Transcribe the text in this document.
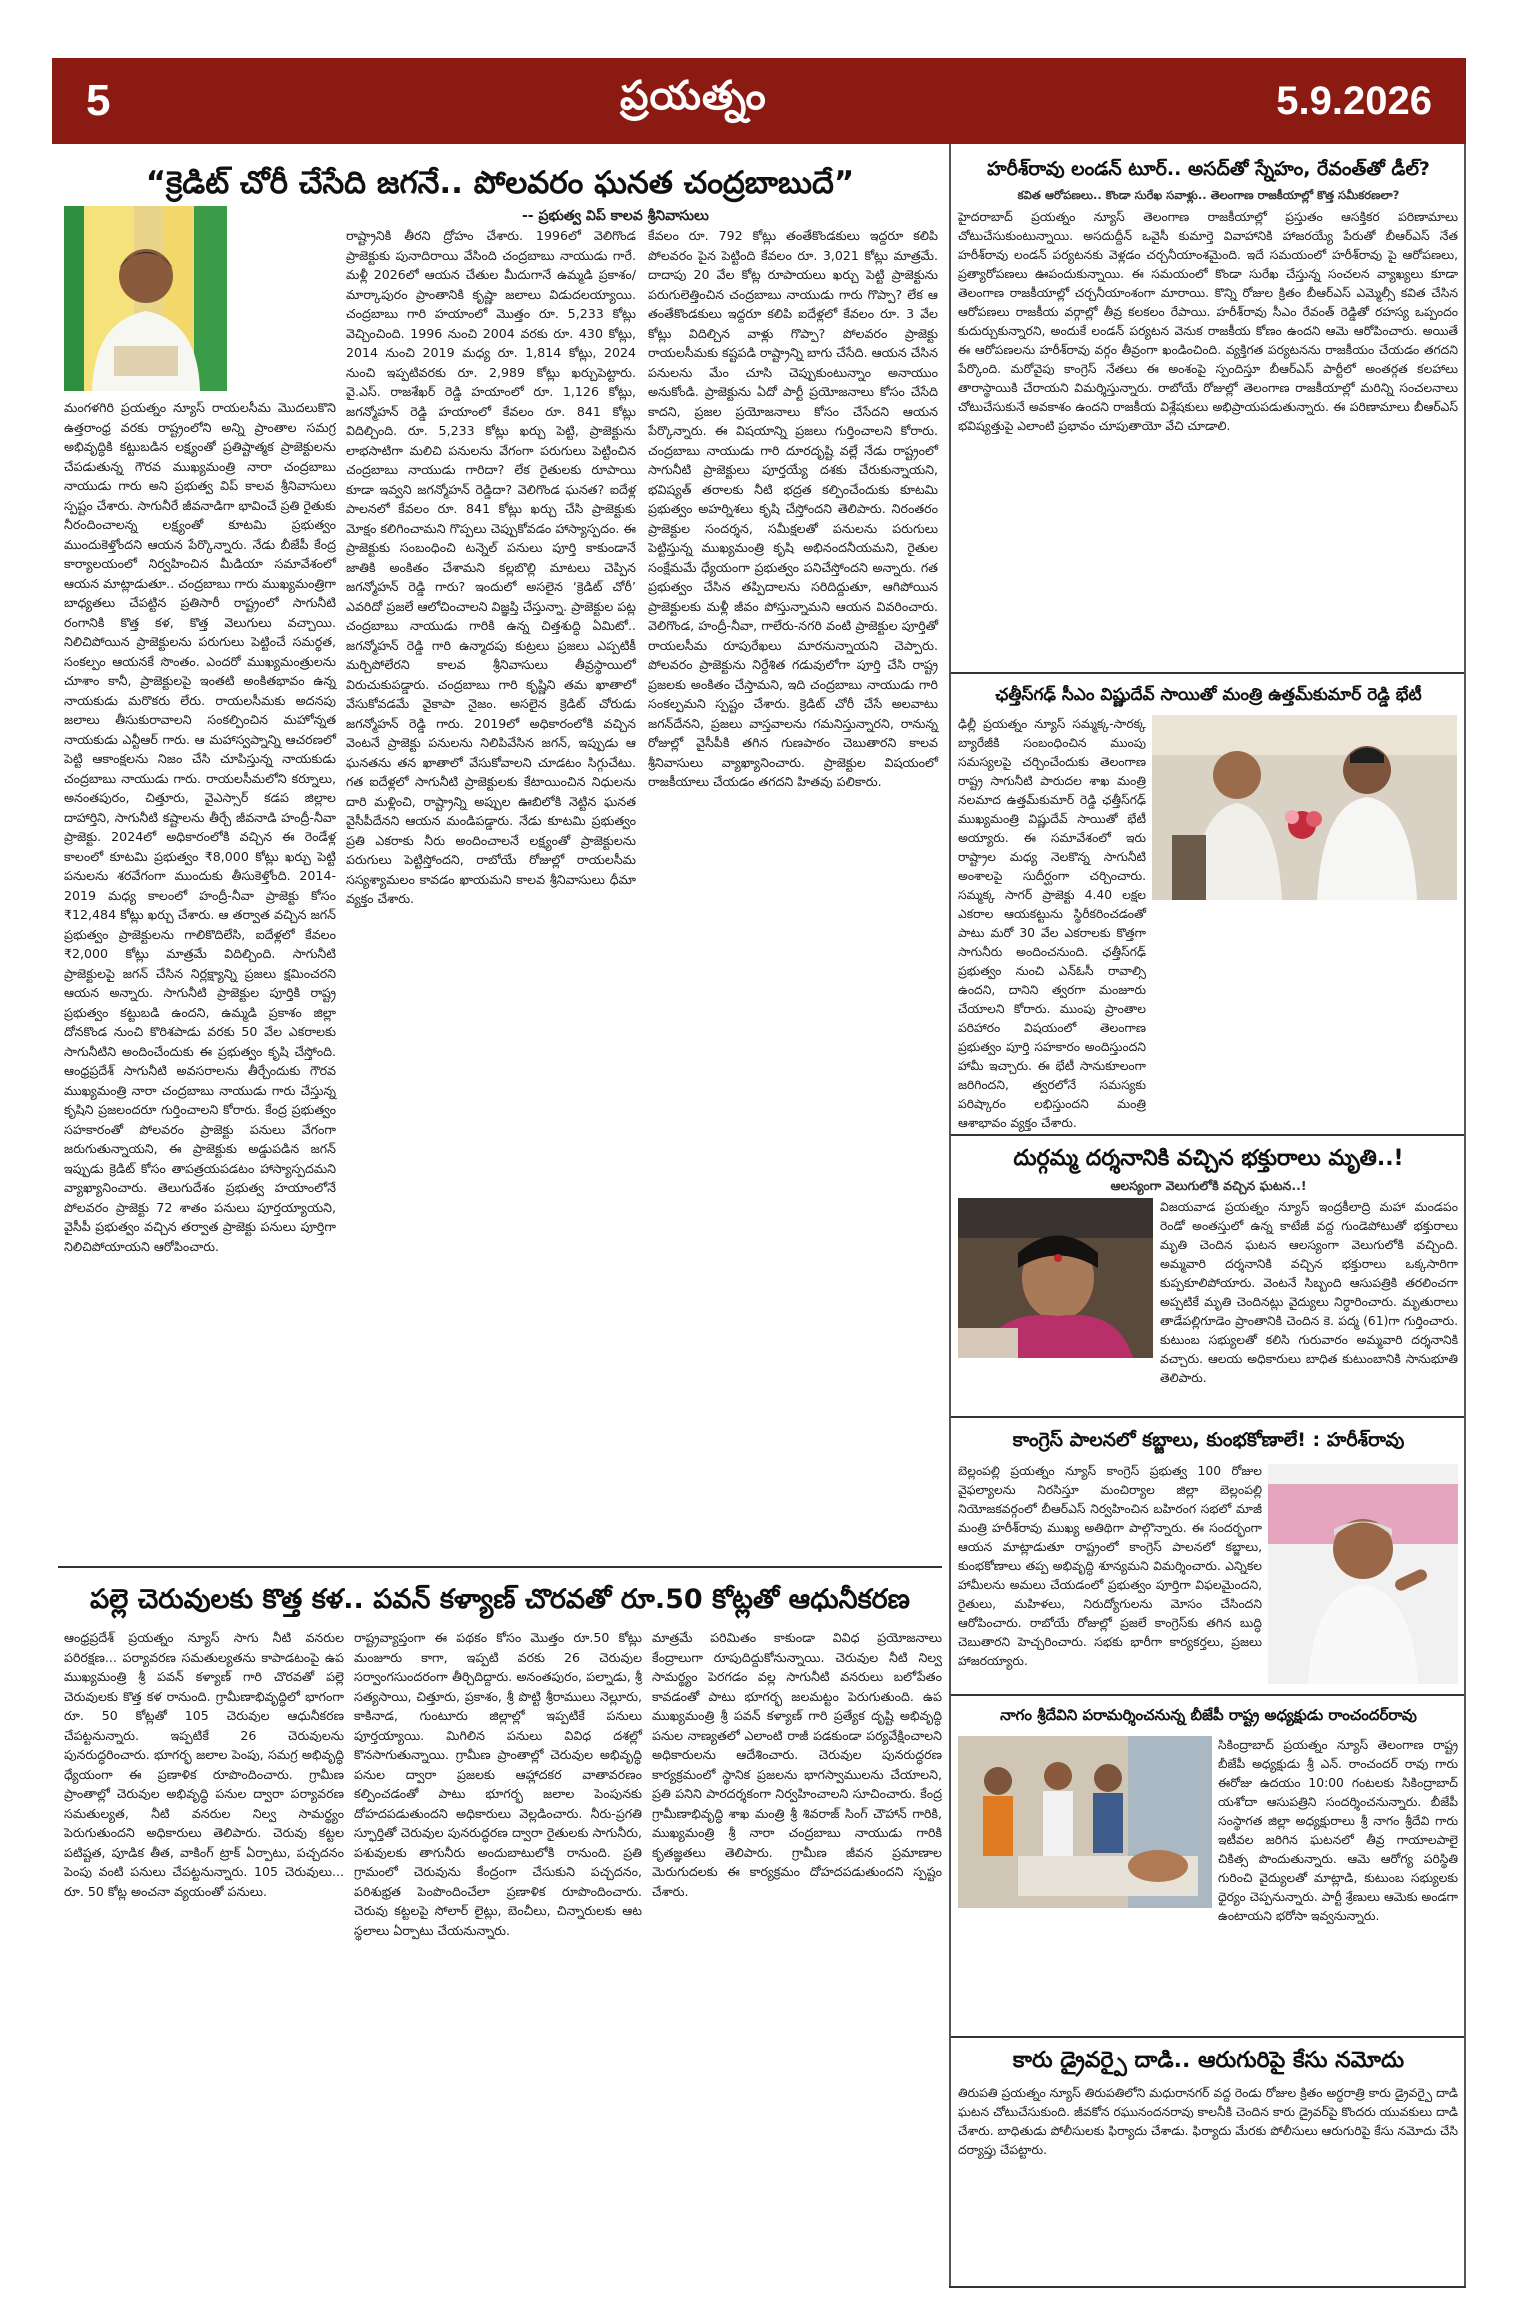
5	ప్రయత్నం	5.9.2026
“క్రెడిట్ చోరీ చేసేది జగనే.. పోలవరం ఘనత చంద్రబాబుదే”
-- ప్రభుత్వ విప్ కాలవ శ్రీనివాసులు
మంగళగిరి ప్రయత్నం న్యూస్ రాయలసీమ మొదలుకొని ఉత్తరాంధ్ర వరకు రాష్ట్రంలోని అన్ని ప్రాంతాల సమగ్ర అభివృద్ధికి కట్టుబడిన లక్ష్యంతో ప్రతిష్టాత్మక ప్రాజెక్టులను చేపడుతున్న గౌరవ ముఖ్యమంత్రి నారా చంద్రబాబు నాయుడు గారు అని ప్రభుత్వ విప్ కాలవ శ్రీనివాసులు స్పష్టం చేశారు. సాగునీరే జీవనాడిగా భావించే ప్రతి రైతుకు నీరందించాలన్న లక్ష్యంతో కూటమి ప్రభుత్వం ముందుకెళ్తోందని ఆయన పేర్కొన్నారు. నేడు బీజేపీ కేంద్ర కార్యాలయంలో నిర్వహించిన మీడియా సమావేశంలో ఆయన మాట్లాడుతూ.. చంద్రబాబు గారు ముఖ్యమంత్రిగా బాధ్యతలు చేపట్టిన ప్రతిసారీ రాష్ట్రంలో సాగునీటి రంగానికి కొత్త కళ, కొత్త వెలుగులు వచ్చాయి. నిలిచిపోయిన ప్రాజెక్టులను పరుగులు పెట్టించే సమర్థత, సంకల్పం ఆయనకే సొంతం. ఎందరో ముఖ్యమంత్రులను చూశాం కానీ, ప్రాజెక్టులపై ఇంతటి అంకితభావం ఉన్న నాయకుడు మరొకరు లేరు. రాయలసీమకు అదనపు జలాలు తీసుకురావాలని సంకల్పించిన మహోన్నత నాయకుడు ఎన్టీఆర్ గారు. ఆ మహాస్వప్నాన్ని ఆచరణలో పెట్టి ఆకాంక్షలను నిజం చేసి చూపిస్తున్న నాయకుడు చంద్రబాబు నాయుడు గారు. రాయలసీమలోని కర్నూలు, అనంతపురం, చిత్తూరు, వైఎస్సార్ కడప జిల్లాల దాహార్తిని, సాగునీటి కష్టాలను తీర్చే జీవనాడి హంద్రీ-నీవా ప్రాజెక్టు. 2024లో అధికారంలోకి వచ్చిన ఈ రెండేళ్ల కాలంలో కూటమి ప్రభుత్వం ₹8,000 కోట్లు ఖర్చు పెట్టి పనులను శరవేగంగా ముందుకు తీసుకెళ్తోంది. 2014-2019 మధ్య కాలంలో హంద్రీ-నీవా ప్రాజెక్టు కోసం ₹12,484 కోట్లు ఖర్చు చేశారు. ఆ తర్వాత వచ్చిన జగన్ ప్రభుత్వం ప్రాజెక్టులను గాలికొదిలేసి, ఐదేళ్లలో కేవలం ₹2,000 కోట్లు మాత్రమే విదిల్చింది. సాగునీటి ప్రాజెక్టులపై జగన్ చేసిన నిర్లక్ష్యాన్ని ప్రజలు క్షమించరని ఆయన అన్నారు. సాగునీటి ప్రాజెక్టుల పూర్తికి రాష్ట్ర ప్రభుత్వం కట్టుబడి ఉందని, ఉమ్మడి ప్రకాశం జిల్లా దోనకొండ నుంచి కొరిశపాడు వరకు 50 వేల ఎకరాలకు సాగునీటిని అందించేందుకు ఈ ప్రభుత్వం కృషి చేస్తోంది. ఆంధ్రప్రదేశ్ సాగునీటి అవసరాలను తీర్చేందుకు గౌరవ ముఖ్యమంత్రి నారా చంద్రబాబు నాయుడు గారు చేస్తున్న కృషిని ప్రజలందరూ గుర్తించాలని కోరారు. కేంద్ర ప్రభుత్వం సహకారంతో పోలవరం ప్రాజెక్టు పనులు వేగంగా జరుగుతున్నాయని, ఈ ప్రాజెక్టుకు అడ్డుపడిన జగన్ ఇప్పుడు క్రెడిట్ కోసం తాపత్రయపడటం హాస్యాస్పదమని వ్యాఖ్యానించారు. తెలుగుదేశం ప్రభుత్వ హయాంలోనే పోలవరం ప్రాజెక్టు 72 శాతం పనులు పూర్తయ్యాయని, వైసీపీ ప్రభుత్వం వచ్చిన తర్వాత ప్రాజెక్టు పనులు పూర్తిగా నిలిచిపోయాయని ఆరోపించారు.
రాష్ట్రానికి తీరని ద్రోహం చేశారు. 1996లో వెలిగొండ ప్రాజెక్టుకు పునాదిరాయి వేసింది చంద్రబాబు నాయుడు గారే. మళ్లీ 2026లో ఆయన చేతుల మీదుగానే ఉమ్మడి ప్రకాశం/మార్కాపురం ప్రాంతానికి కృష్ణా జలాలు విడుదలయ్యాయి. చంద్రబాబు గారి హయాంలో మొత్తం రూ. 5,233 కోట్లు వెచ్చించింది. 1996 నుంచి 2004 వరకు రూ. 430 కోట్లు, 2014 నుంచి 2019 మధ్య రూ. 1,814 కోట్లు, 2024 నుంచి ఇప్పటివరకు రూ. 2,989 కోట్లు ఖర్చుపెట్టారు. వై.ఎస్. రాజశేఖర్ రెడ్డి హయాంలో రూ. 1,126 కోట్లు, జగన్మోహన్ రెడ్డి హయాంలో కేవలం రూ. 841 కోట్లు విదిల్చింది. రూ. 5,233 కోట్లు ఖర్చు పెట్టి, ప్రాజెక్టును లాభసాటిగా మలిచి పనులను వేగంగా పరుగులు పెట్టించిన చంద్రబాబు నాయుడు గారిదా? లేక రైతులకు రూపాయి కూడా ఇవ్వని జగన్మోహన్ రెడ్డిదా? వెలిగొండ ఘనత? ఐదేళ్ల పాలనలో కేవలం రూ. 841 కోట్లు ఖర్చు చేసి ప్రాజెక్టుకు మోక్షం కలిగించామని గొప్పలు చెప్పుకోవడం హాస్యాస్పదం. ఈ ప్రాజెక్టుకు సంబంధించి టన్నెల్ పనులు పూర్తి కాకుండానే జాతికి అంకితం చేశామని కల్లబొల్లి మాటలు చెప్పిన జగన్మోహన్ రెడ్డి గారు? ఇందులో అసలైన ‘క్రెడిట్ చోరీ’ ఎవరిదో ప్రజలే ఆలోచించాలని విజ్ఞప్తి చేస్తున్నా. ప్రాజెక్టుల పట్ల చంద్రబాబు నాయుడు గారికి ఉన్న చిత్తశుద్ధి ఏమిటో.. జగన్మోహన్ రెడ్డి గారి ఉన్మాదపు కుట్రలు ప్రజలు ఎప్పటికీ మర్చిపోలేరని కాలవ శ్రీనివాసులు తీవ్రస్థాయిలో విరుచుకుపడ్డారు. చంద్రబాబు గారి కృష్ణిని తమ ఖాతాలో వేసుకోవడమే వైకాపా నైజం. అసలైన క్రెడిట్ చోరుడు జగన్మోహన్ రెడ్డి గారు. 2019లో అధికారంలోకి వచ్చిన వెంటనే ప్రాజెక్టు పనులను నిలిపివేసిన జగన్, ఇప్పుడు ఆ ఘనతను తన ఖాతాలో వేసుకోవాలని చూడటం సిగ్గుచేటు. గత ఐదేళ్లలో సాగునీటి ప్రాజెక్టులకు కేటాయించిన నిధులను దారి మళ్లించి, రాష్ట్రాన్ని అప్పుల ఊబిలోకి నెట్టిన ఘనత వైసీపీదేనని ఆయన మండిపడ్డారు. నేడు కూటమి ప్రభుత్వం ప్రతి ఎకరాకు నీరు అందించాలనే లక్ష్యంతో ప్రాజెక్టులను పరుగులు పెట్టిస్తోందని, రాబోయే రోజుల్లో రాయలసీమ సస్యశ్యామలం కావడం ఖాయమని కాలవ శ్రీనివాసులు ధీమా వ్యక్తం చేశారు.
కేవలం రూ. 792 కోట్లు తంతేకొండకులు ఇద్దరూ కలిపి పోలవరం పైన పెట్టింది కేవలం రూ. 3,021 కోట్లు మాత్రమే. దాదాపు 20 వేల కోట్ల రూపాయలు ఖర్చు పెట్టి ప్రాజెక్టును పరుగులెత్తించిన చంద్రబాబు నాయుడు గారు గొప్పా? లేక ఆ తంతేకొండకులు ఇద్దరూ కలిపి ఐదేళ్లలో కేవలం రూ. 3 వేల కోట్లు విదిల్చిన వాళ్లు గొప్పా? పోలవరం ప్రాజెక్టు రాయలసీమకు కష్టపడి రాష్ట్రాన్ని బాగు చేసేది. ఆయన చేసిన పనులను మేం చూసి చెప్పుకుంటున్నాం అనాయుం అనుకోండి. ప్రాజెక్టును ఏదో పార్టీ ప్రయోజనాలు కోసం చేసేది కాదని, ప్రజల ప్రయోజనాలు కోసం చేసేదని ఆయన పేర్కొన్నారు. ఈ విషయాన్ని ప్రజలు గుర్తించాలని కోరారు. చంద్రబాబు నాయుడు గారి దూరదృష్టి వల్లే నేడు రాష్ట్రంలో సాగునీటి ప్రాజెక్టులు పూర్తయ్యే దశకు చేరుకున్నాయని, భవిష్యత్ తరాలకు నీటి భద్రత కల్పించేందుకు కూటమి ప్రభుత్వం అహర్నిశలు కృషి చేస్తోందని తెలిపారు. నిరంతరం ప్రాజెక్టుల సందర్శన, సమీక్షలతో పనులను పరుగులు పెట్టిస్తున్న ముఖ్యమంత్రి కృషి అభినందనీయమని, రైతుల సంక్షేమమే ధ్యేయంగా ప్రభుత్వం పనిచేస్తోందని అన్నారు. గత ప్రభుత్వం చేసిన తప్పిదాలను సరిదిద్దుతూ, ఆగిపోయిన ప్రాజెక్టులకు మళ్లీ జీవం పోస్తున్నామని ఆయన వివరించారు. వెలిగొండ, హంద్రీ-నీవా, గాలేరు-నగరి వంటి ప్రాజెక్టుల పూర్తితో రాయలసీమ రూపురేఖలు మారనున్నాయని చెప్పారు. పోలవరం ప్రాజెక్టును నిర్దేశిత గడువులోగా పూర్తి చేసి రాష్ట్ర ప్రజలకు అంకితం చేస్తామని, ఇది చంద్రబాబు నాయుడు గారి సంకల్పమని స్పష్టం చేశారు. క్రెడిట్ చోరీ చేసే అలవాటు జగన్‌దేనని, ప్రజలు వాస్తవాలను గమనిస్తున్నారని, రానున్న రోజుల్లో వైసీపీకి తగిన గుణపాఠం చెబుతారని కాలవ శ్రీనివాసులు వ్యాఖ్యానించారు. ప్రాజెక్టుల విషయంలో రాజకీయాలు చేయడం తగదని హితవు పలికారు.
పల్లె చెరువులకు కొత్త కళ.. పవన్ కళ్యాణ్ చొరవతో రూ.50 కోట్లతో ఆధునీకరణ
ఆంధ్రప్రదేశ్ ప్రయత్నం న్యూస్ సాగు నీటి వనరుల పరిరక్షణ... పర్యావరణ సమతుల్యతను కాపాడటంపై ఉప ముఖ్యమంత్రి శ్రీ పవన్ కళ్యాణ్ గారి చొరవతో పల్లె చెరువులకు కొత్త కళ రానుంది. గ్రామీణాభివృద్ధిలో భాగంగా రూ. 50 కోట్లతో 105 చెరువుల ఆధునీకరణ చేపట్టనున్నారు. ఇప్పటికే 26 చెరువులను పునరుద్ధరించారు. భూగర్భ జలాల పెంపు, సమగ్ర అభివృద్ధి ధ్యేయంగా ఈ ప్రణాళిక రూపొందించారు. గ్రామీణ ప్రాంతాల్లో చెరువుల అభివృద్ధి పనుల ద్వారా పర్యావరణ సమతుల్యత, నీటి వనరుల నిల్వ సామర్థ్యం పెరుగుతుందని అధికారులు తెలిపారు. చెరువు కట్టల పటిష్టత, పూడిక తీత, వాకింగ్ ట్రాక్ ఏర్పాటు, పచ్చదనం పెంపు వంటి పనులు చేపట్టనున్నారు. 105 చెరువులు... రూ. 50 కోట్ల అంచనా వ్యయంతో పనులు.
రాష్ట్రవ్యాప్తంగా ఈ పథకం కోసం మొత్తం రూ.50 కోట్లు మంజూరు కాగా, ఇప్పటి వరకు 26 చెరువుల సర్వాంగసుందరంగా తీర్చిదిద్దారు. అనంతపురం, పల్నాడు, శ్రీ సత్యసాయి, చిత్తూరు, ప్రకాశం, శ్రీ పొట్టి శ్రీరాములు నెల్లూరు, కాకినాడ, గుంటూరు జిల్లాల్లో ఇప్పటికే పనులు పూర్తయ్యాయి. మిగిలిన పనులు వివిధ దశల్లో కొనసాగుతున్నాయి. గ్రామీణ ప్రాంతాల్లో చెరువుల అభివృద్ధి పనుల ద్వారా ప్రజలకు ఆహ్లాదకర వాతావరణం కల్పించడంతో పాటు భూగర్భ జలాల పెంపునకు దోహదపడుతుందని అధికారులు వెల్లడించారు. నీరు-ప్రగతి స్ఫూర్తితో చెరువుల పునరుద్ధరణ ద్వారా రైతులకు సాగునీరు, పశువులకు తాగునీరు అందుబాటులోకి రానుంది. ప్రతి గ్రామంలో చెరువును కేంద్రంగా చేసుకుని పచ్చదనం, పరిశుభ్రత పెంపొందించేలా ప్రణాళిక రూపొందించారు. చెరువు కట్టలపై సోలార్ లైట్లు, బెంచీలు, చిన్నారులకు ఆట స్థలాలు ఏర్పాటు చేయనున్నారు.
మాత్రమే పరిమితం కాకుండా వివిధ ప్రయోజనాలు కేంద్రాలుగా రూపుదిద్దుకోనున్నాయి. చెరువుల నీటి నిల్వ సామర్థ్యం పెరగడం వల్ల సాగునీటి వనరులు బలోపేతం కావడంతో పాటు భూగర్భ జలమట్టం పెరుగుతుంది. ఉప ముఖ్యమంత్రి శ్రీ పవన్ కళ్యాణ్ గారి ప్రత్యేక దృష్టి అభివృద్ధి పనుల నాణ్యతలో ఎలాంటి రాజీ పడకుండా పర్యవేక్షించాలని అధికారులను ఆదేశించారు. చెరువుల పునరుద్ధరణ కార్యక్రమంలో స్థానిక ప్రజలను భాగస్వాములను చేయాలని, ప్రతి పనిని పారదర్శకంగా నిర్వహించాలని సూచించారు. కేంద్ర గ్రామీణాభివృద్ధి శాఖ మంత్రి శ్రీ శివరాజ్ సింగ్ చౌహాన్ గారికి, ముఖ్యమంత్రి శ్రీ నారా చంద్రబాబు నాయుడు గారికి కృతజ్ఞతలు తెలిపారు. గ్రామీణ జీవన ప్రమాణాల మెరుగుదలకు ఈ కార్యక్రమం దోహదపడుతుందని స్పష్టం చేశారు.
హరీశ్‌రావు లండన్ టూర్.. అసద్‌తో స్నేహం, రేవంత్‌తో డీల్?
కవిత ఆరోపణలు.. కొండా సురేఖ సవాళ్లు.. తెలంగాణ రాజకీయాల్లో కొత్త సమీకరణలా?
హైదరాబాద్ ప్రయత్నం న్యూస్ తెలంగాణ రాజకీయాల్లో ప్రస్తుతం ఆసక్తికర పరిణామాలు చోటుచేసుకుంటున్నాయి. అసదుద్దీన్ ఒవైసీ కుమార్తె వివాహానికి హాజరయ్యే పేరుతో బీఆర్ఎస్ నేత హరీశ్‌రావు లండన్ పర్యటనకు వెళ్లడం చర్చనీయాంశమైంది. ఇదే సమయంలో హరీశ్‌రావు పై ఆరోపణలు, ప్రత్యారోపణలు ఊపందుకున్నాయి. ఈ సమయంలో కొండా సురేఖ చేస్తున్న సంచలన వ్యాఖ్యలు కూడా తెలంగాణ రాజకీయాల్లో చర్చనీయాంశంగా మారాయి. కొన్ని రోజుల క్రితం బీఆర్ఎస్ ఎమ్మెల్సీ కవిత చేసిన ఆరోపణలు రాజకీయ వర్గాల్లో తీవ్ర కలకలం రేపాయి. హరీశ్‌రావు సీఎం రేవంత్ రెడ్డితో రహస్య ఒప్పందం కుదుర్చుకున్నారని, అందుకే లండన్ పర్యటన వెనుక రాజకీయ కోణం ఉందని ఆమె ఆరోపించారు. అయితే ఈ ఆరోపణలను హరీశ్‌రావు వర్గం తీవ్రంగా ఖండించింది. వ్యక్తిగత పర్యటనను రాజకీయం చేయడం తగదని పేర్కొంది. మరోవైపు కాంగ్రెస్ నేతలు ఈ అంశంపై స్పందిస్తూ బీఆర్ఎస్ పార్టీలో అంతర్గత కలహాలు తారాస్థాయికి చేరాయని విమర్శిస్తున్నారు. రాబోయే రోజుల్లో తెలంగాణ రాజకీయాల్లో మరిన్ని సంచలనాలు చోటుచేసుకునే అవకాశం ఉందని రాజకీయ విశ్లేషకులు అభిప్రాయపడుతున్నారు. ఈ పరిణామాలు బీఆర్ఎస్ భవిష్యత్తుపై ఎలాంటి ప్రభావం చూపుతాయో వేచి చూడాలి.
ఛత్తీస్‌గఢ్ సీఎం విష్ణుదేవ్ సాయితో మంత్రి ఉత్తమ్‌కుమార్ రెడ్డి భేటీ
ఢిల్లీ ప్రయత్నం న్యూస్ సమ్మక్క-సారక్క బ్యారేజీకి సంబంధించిన ముంపు సమస్యలపై చర్చించేందుకు తెలంగాణ రాష్ట్ర సాగునీటి పారుదల శాఖ మంత్రి నలమాద ఉత్తమ్‌కుమార్ రెడ్డి ఛత్తీస్‌గఢ్ ముఖ్యమంత్రి విష్ణుదేవ్ సాయితో భేటీ అయ్యారు. ఈ సమావేశంలో ఇరు రాష్ట్రాల మధ్య నెలకొన్న సాగునీటి అంశాలపై సుదీర్ఘంగా చర్చించారు. సమ్మక్క సాగర్ ప్రాజెక్టు 4.40 లక్షల ఎకరాల ఆయకట్టును స్థిరీకరించడంతో పాటు మరో 30 వేల ఎకరాలకు కొత్తగా సాగునీరు అందించనుంది. ఛత్తీస్‌గఢ్ ప్రభుత్వం నుంచి ఎన్‌ఓసీ రావాల్సి ఉందని, దానిని త్వరగా మంజూరు చేయాలని కోరారు. ముంపు ప్రాంతాల పరిహారం విషయంలో తెలంగాణ ప్రభుత్వం పూర్తి సహకారం అందిస్తుందని హామీ ఇచ్చారు. ఈ భేటీ సానుకూలంగా జరిగిందని, త్వరలోనే సమస్యకు పరిష్కారం లభిస్తుందని మంత్రి ఆశాభావం వ్యక్తం చేశారు.
దుర్గమ్మ దర్శనానికి వచ్చిన భక్తురాలు మృతి..!
ఆలస్యంగా వెలుగులోకి వచ్చిన ఘటన..!
విజయవాడ ప్రయత్నం న్యూస్ ఇంద్రకీలాద్రి మహా మండపం రెండో అంతస్తులో ఉన్న కాటేజీ వద్ద గుండెపోటుతో భక్తురాలు మృతి చెందిన ఘటన ఆలస్యంగా వెలుగులోకి వచ్చింది. అమ్మవారి దర్శనానికి వచ్చిన భక్తురాలు ఒక్కసారిగా కుప్పకూలిపోయారు. వెంటనే సిబ్బంది ఆసుపత్రికి తరలించగా అప్పటికే మృతి చెందినట్లు వైద్యులు నిర్ధారించారు. మృతురాలు తాడేపల్లిగూడెం ప్రాంతానికి చెందిన కె. పద్మ (61)గా గుర్తించారు. కుటుంబ సభ్యులతో కలిసి గురువారం అమ్మవారి దర్శనానికి వచ్చారు. ఆలయ అధికారులు బాధిత కుటుంబానికి సానుభూతి తెలిపారు.
కాంగ్రెస్ పాలనలో కబ్జాలు, కుంభకోణాలే! : హరీశ్‌రావు
బెల్లంపల్లి ప్రయత్నం న్యూస్ కాంగ్రెస్ ప్రభుత్వ 100 రోజుల వైఫల్యాలను నిరసిస్తూ మంచిర్యాల జిల్లా బెల్లంపల్లి నియోజకవర్గంలో బీఆర్ఎస్ నిర్వహించిన బహిరంగ సభలో మాజీ మంత్రి హరీశ్‌రావు ముఖ్య అతిథిగా పాల్గొన్నారు. ఈ సందర్భంగా ఆయన మాట్లాడుతూ రాష్ట్రంలో కాంగ్రెస్ పాలనలో కబ్జాలు, కుంభకోణాలు తప్ప అభివృద్ధి శూన్యమని విమర్శించారు. ఎన్నికల హామీలను అమలు చేయడంలో ప్రభుత్వం పూర్తిగా విఫలమైందని, రైతులు, మహిళలు, నిరుద్యోగులను మోసం చేసిందని ఆరోపించారు. రాబోయే రోజుల్లో ప్రజలే కాంగ్రెస్‌కు తగిన బుద్ధి చెబుతారని హెచ్చరించారు. సభకు భారీగా కార్యకర్తలు, ప్రజలు హాజరయ్యారు.
నాగం శ్రీదేవిని పరామర్శించనున్న బీజేపీ రాష్ట్ర అధ్యక్షుడు రాంచందర్‌రావు
సికింద్రాబాద్ ప్రయత్నం న్యూస్ తెలంగాణ రాష్ట్ర బీజేపీ అధ్యక్షుడు శ్రీ ఎన్. రాంచందర్ రావు గారు ఈరోజు ఉదయం 10:00 గంటలకు సికింద్రాబాద్ యశోదా ఆసుపత్రిని సందర్శించనున్నారు. బీజేపీ సంస్థాగత జిల్లా అధ్యక్షురాలు శ్రీ నాగం శ్రీదేవి గారు ఇటీవల జరిగిన ఘటనలో తీవ్ర గాయాలపాలై చికిత్స పొందుతున్నారు. ఆమె ఆరోగ్య పరిస్థితి గురించి వైద్యులతో మాట్లాడి, కుటుంబ సభ్యులకు ధైర్యం చెప్పనున్నారు. పార్టీ శ్రేణులు ఆమెకు అండగా ఉంటాయని భరోసా ఇవ్వనున్నారు.
కారు డ్రైవర్పై దాడి.. ఆరుగురిపై కేసు నమోదు
తిరుపతి ప్రయత్నం న్యూస్ తిరుపతిలోని మధురానగర్ వద్ద రెండు రోజుల క్రితం అర్ధరాత్రి కారు డ్రైవర్పై దాడి ఘటన చోటుచేసుకుంది. జీవకోన రఘునందనరావు కాలనీకి చెందిన కారు డ్రైవర్‌పై కొందరు యువకులు దాడి చేశారు. బాధితుడు పోలీసులకు ఫిర్యాదు చేశాడు. ఫిర్యాదు మేరకు పోలీసులు ఆరుగురిపై కేసు నమోదు చేసి దర్యాప్తు చేపట్టారు.
